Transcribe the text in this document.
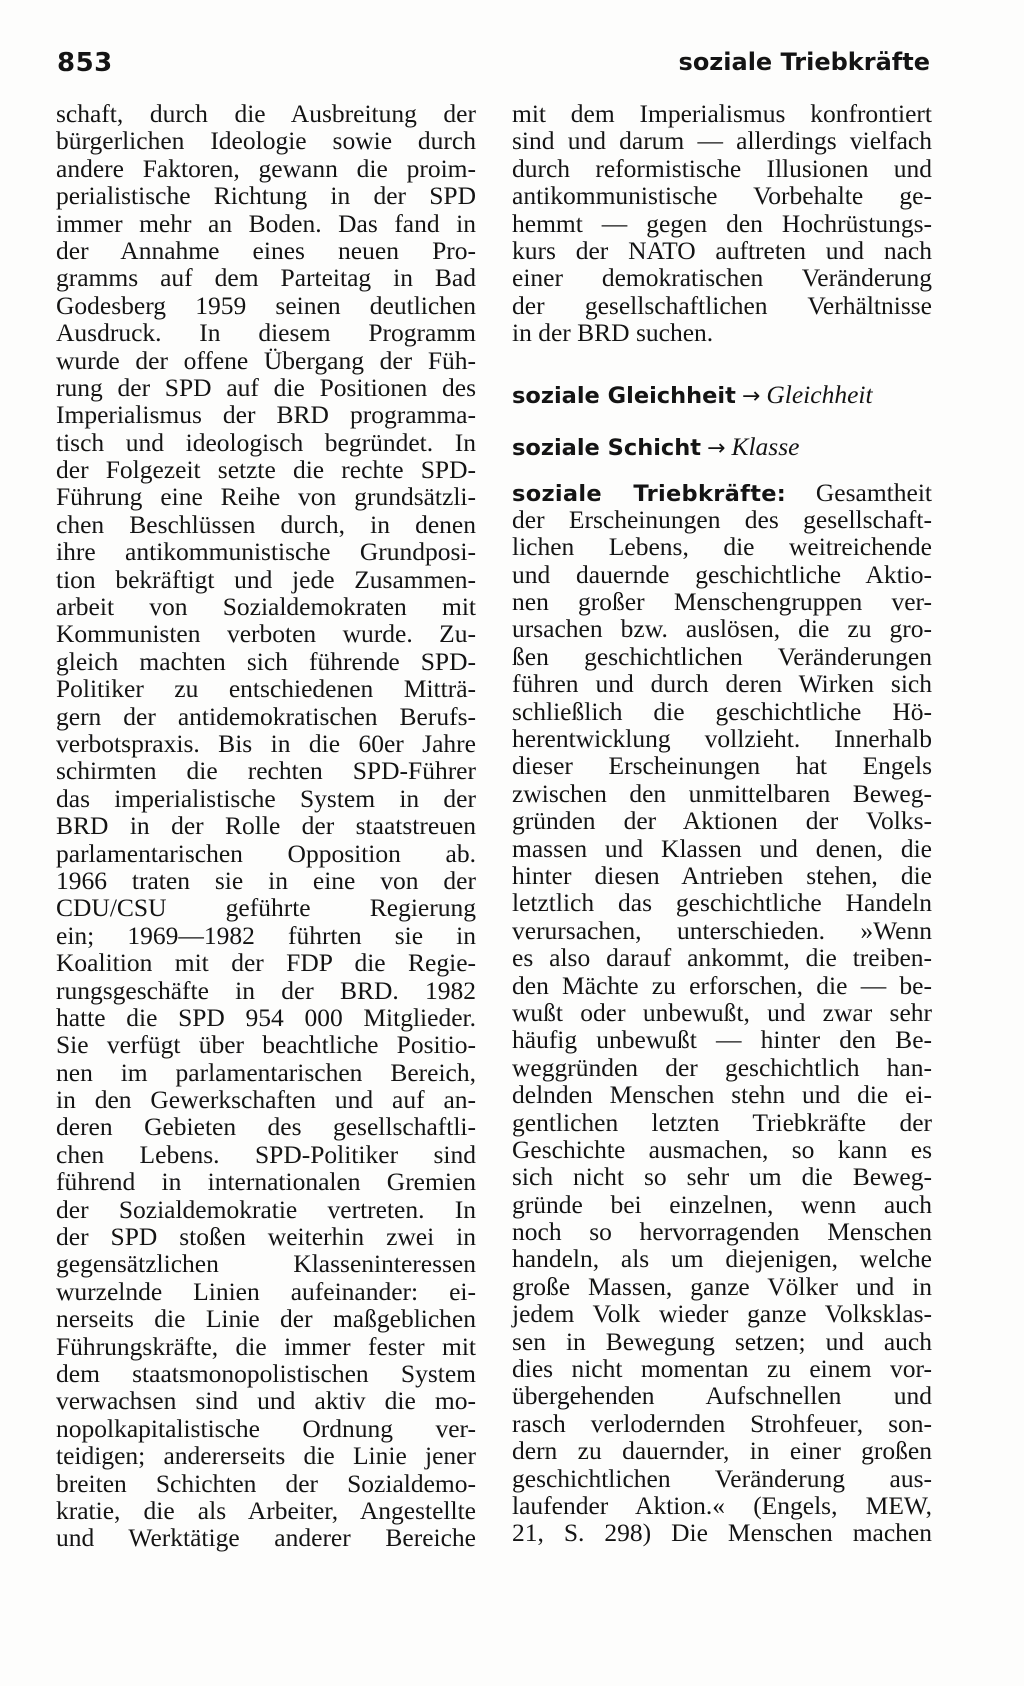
853	soziale Triebkräfte
schaft, durch die Ausbreitung der
bürgerlichen Ideologie sowie durch
andere Faktoren, gewann die proim-
perialistische Richtung in der SPD
immer mehr an Boden. Das fand in
der Annahme eines neuen Pro-
gramms auf dem Parteitag in Bad
Godesberg 1959 seinen deutlichen
Ausdruck. In diesem Programm
wurde der offene Übergang der Füh-
rung der SPD auf die Positionen des
Imperialismus der BRD programma-
tisch und ideologisch begründet. In
der Folgezeit setzte die rechte SPD-
Führung eine Reihe von grundsätzli-
chen Beschlüssen durch, in denen
ihre antikommunistische Grundposi-
tion bekräftigt und jede Zusammen-
arbeit von Sozialdemokraten mit
Kommunisten verboten wurde. Zu-
gleich machten sich führende SPD-
Politiker zu entschiedenen Mitträ-
gern der antidemokratischen Berufs-
verbotspraxis. Bis in die 60er Jahre
schirmten die rechten SPD-Führer
das imperialistische System in der
BRD in der Rolle der staatstreuen
parlamentarischen Opposition ab.
1966 traten sie in eine von der
CDU/CSU geführte Regierung
ein; 1969—1982 führten sie in
Koalition mit der FDP die Regie-
rungsgeschäfte in der BRD. 1982
hatte die SPD 954 000 Mitglieder.
Sie verfügt über beachtliche Positio-
nen im parlamentarischen Bereich,
in den Gewerkschaften und auf an-
deren Gebieten des gesellschaftli-
chen Lebens. SPD-Politiker sind
führend in internationalen Gremien
der Sozialdemokratie vertreten. In
der SPD stoßen weiterhin zwei in
gegensätzlichen Klasseninteressen
wurzelnde Linien aufeinander: ei-
nerseits die Linie der maßgeblichen
Führungskräfte, die immer fester mit
dem staatsmonopolistischen System
verwachsen sind und aktiv die mo-
nopolkapitalistische Ordnung ver-
teidigen; andererseits die Linie jener
breiten Schichten der Sozialdemo-
kratie, die als Arbeiter, Angestellte
und Werktätige anderer Bereiche
mit dem Imperialismus konfrontiert
sind und darum — allerdings vielfach
durch reformistische Illusionen und
antikommunistische Vorbehalte ge-
hemmt — gegen den Hochrüstungs-
kurs der NATO auftreten und nach
einer demokratischen Veränderung
der gesellschaftlichen Verhältnisse
in der BRD suchen.
soziale Gleichheit → Gleichheit
soziale Schicht → Klasse
soziale Triebkräfte: Gesamtheit
der Erscheinungen des gesellschaft-
lichen Lebens, die weitreichende
und dauernde geschichtliche Aktio-
nen großer Menschengruppen ver-
ursachen bzw. auslösen, die zu gro-
ßen geschichtlichen Veränderungen
führen und durch deren Wirken sich
schließlich die geschichtliche Hö-
herentwicklung vollzieht. Innerhalb
dieser Erscheinungen hat Engels
zwischen den unmittelbaren Beweg-
gründen der Aktionen der Volks-
massen und Klassen und denen, die
hinter diesen Antrieben stehen, die
letztlich das geschichtliche Handeln
verursachen, unterschieden. »Wenn
es also darauf ankommt, die treiben-
den Mächte zu erforschen, die — be-
wußt oder unbewußt, und zwar sehr
häufig unbewußt — hinter den Be-
weggründen der geschichtlich han-
delnden Menschen stehn und die ei-
gentlichen letzten Triebkräfte der
Geschichte ausmachen, so kann es
sich nicht so sehr um die Beweg-
gründe bei einzelnen, wenn auch
noch so hervorragenden Menschen
handeln, als um diejenigen, welche
große Massen, ganze Völker und in
jedem Volk wieder ganze Volksklas-
sen in Bewegung setzen; und auch
dies nicht momentan zu einem vor-
übergehenden Aufschnellen und
rasch verlodernden Strohfeuer, son-
dern zu dauernder, in einer großen
geschichtlichen Veränderung aus-
laufender Aktion.« (Engels, MEW,
21, S. 298) Die Menschen machen
